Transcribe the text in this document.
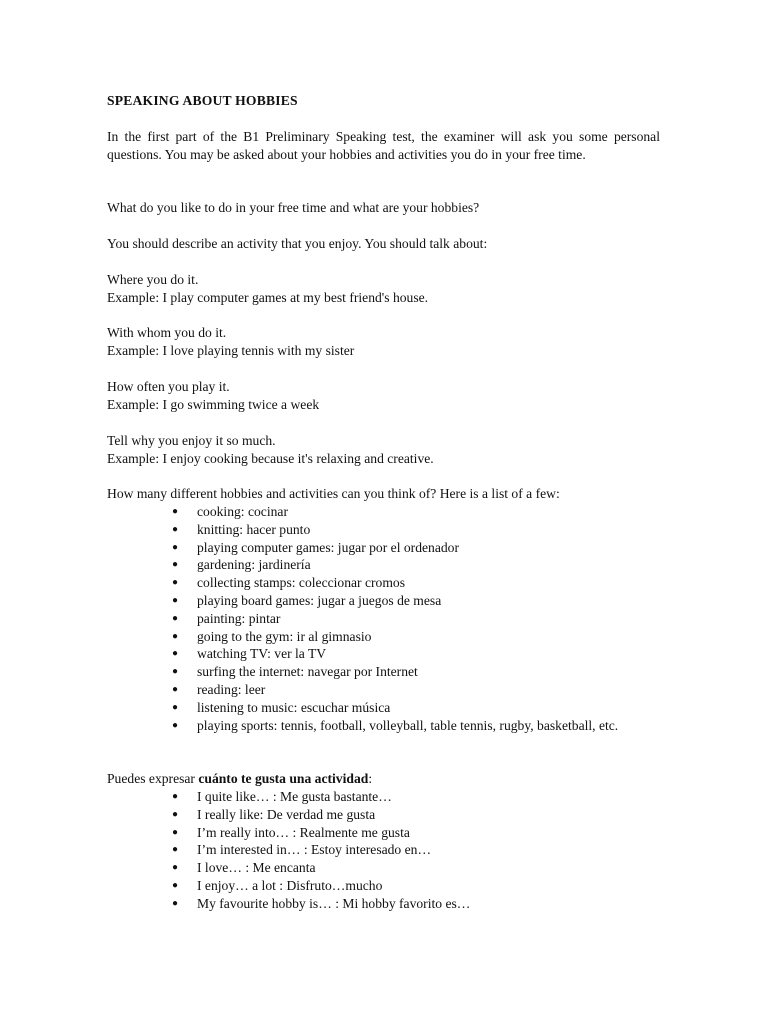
SPEAKING ABOUT HOBBIES

In the first part of the B1 Preliminary Speaking test, the examiner will ask you some personal questions. You may be asked about your hobbies and activities you do in your free time.

What do you like to do in your free time and what are your hobbies?

You should describe an activity that you enjoy. You should talk about:

Where you do it.
Example: I play computer games at my best friend's house.
With whom you do it.
Example: I love playing tennis with my sister
How often you play it.
Example: I go swimming twice a week
Tell why you enjoy it so much.
Example: I enjoy cooking because it's relaxing and creative.

How many different hobbies and activities can you think of? Here is a list of a few:

● cooking: cocinar
● knitting: hacer punto
● playing computer games: jugar por el ordenador
● gardening: jardinería
● collecting stamps: coleccionar cromos
● playing board games: jugar a juegos de mesa
● painting: pintar
● going to the gym: ir al gimnasio
● watching TV: ver la TV
● surfing the internet: navegar por Internet
● reading: leer
● listening to music: escuchar música
● playing sports: tennis, football, volleyball, table tennis, rugby, basketball, etc.

Puedes expresar cuánto te gusta una actividad:

● I quite like… : Me gusta bastante…
● I really like: De verdad me gusta
● I’m really into… : Realmente me gusta
● I’m interested in… : Estoy interesado en…
● I love… : Me encanta
● I enjoy… a lot : Disfruto…mucho
● My favourite hobby is… : Mi hobby favorito es…
